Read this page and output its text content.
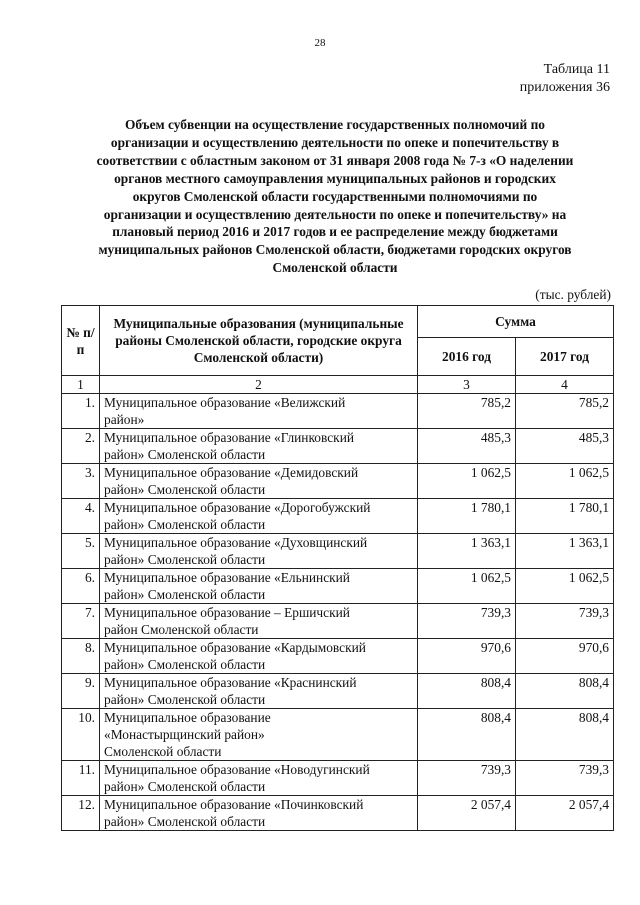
28
Таблица 11
приложения 36
Объем субвенции на осуществление государственных полномочий по
организации и осуществлению деятельности по опеке и попечительству в
соответствии с областным законом от 31 января 2008 года № 7-з «О наделении
органов местного самоуправления муниципальных районов и городских
округов Смоленской области государственными полномочиями по
организации и осуществлению деятельности по опеке и попечительству» на
плановый период 2016 и 2017 годов и ее распределение между бюджетами
муниципальных районов Смоленской области, бюджетами городских округов
Смоленской области
(тыс. рублей)
№ п/п	Муниципальные образования (муниципальные районы Смоленской области, городские округа Смоленской области)	Сумма	
		2016 год	2017 год
1	2	3	4
1.	Муниципальное образование «Велижский
район»	785,2	785,2
2.	Муниципальное образование «Глинковский
район» Смоленской области	485,3	485,3
3.	Муниципальное образование «Демидовский
район» Смоленской области	1 062,5	1 062,5
4.	Муниципальное образование «Дорогобужский
район» Смоленской области	1 780,1	1 780,1
5.	Муниципальное образование «Духовщинский
район» Смоленской области	1 363,1	1 363,1
6.	Муниципальное образование «Ельнинский
район» Смоленской области	1 062,5	1 062,5
7.	Муниципальное образование – Ершичский
район Смоленской области	739,3	739,3
8.	Муниципальное образование «Кардымовский
район» Смоленской области	970,6	970,6
9.	Муниципальное образование «Краснинский
район» Смоленской области	808,4	808,4
10.	Муниципальное образование
«Монастырщинский район»
Смоленской области	808,4	808,4
11.	Муниципальное образование «Новодугинский
район» Смоленской области	739,3	739,3
12.	Муниципальное образование «Починковский
район» Смоленской области	2 057,4	2 057,4
